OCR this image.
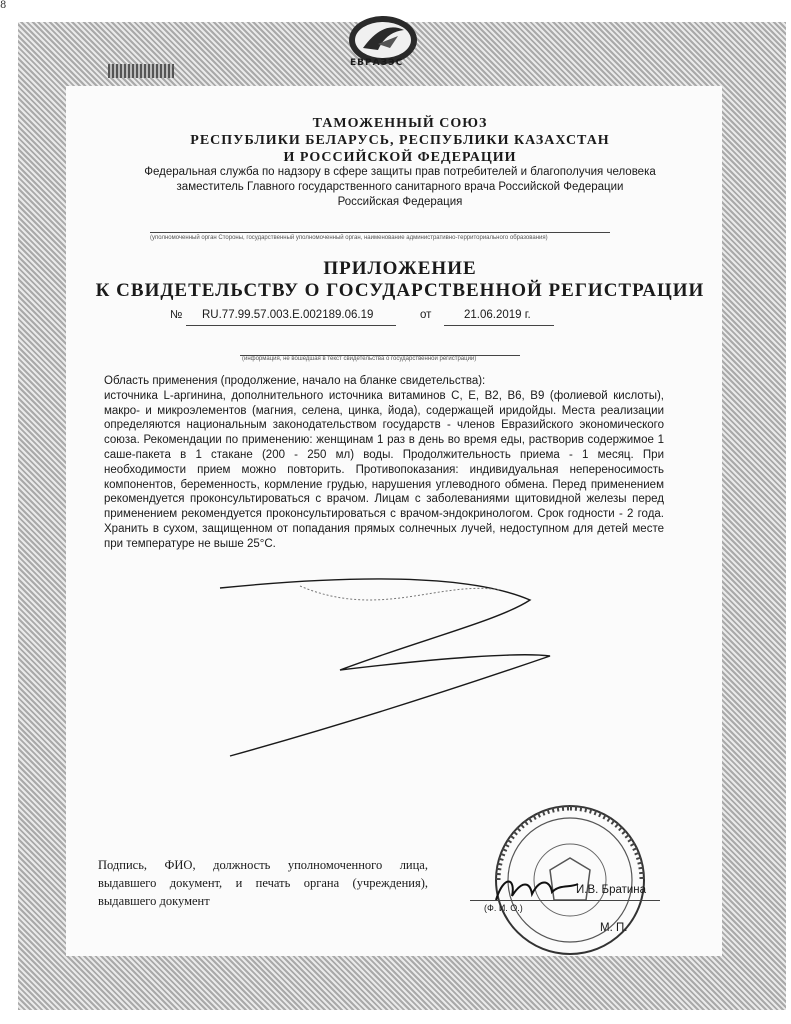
8
ЕВРАЗЭС
ТАМОЖЕННЫЙ СОЮЗ
РЕСПУБЛИКИ БЕЛАРУСЬ, РЕСПУБЛИКИ КАЗАХСТАН
И РОССИЙСКОЙ ФЕДЕРАЦИИ
Федеральная служба по надзору в сфере защиты прав потребителей и благополучия человека
заместитель Главного государственного санитарного врача Российской Федерации
Российская Федерация
(уполномоченный орган Стороны, государственный уполномоченный орган, наименование административно-территориального образования)
ПРИЛОЖЕНИЕ
К СВИДЕТЕЛЬСТВУ О ГОСУДАРСТВЕННОЙ РЕГИСТРАЦИИ
№ RU.77.99.57.003.E.002189.06.19	от	21.06.2019 г.
(информация, не вошедшая в текст свидетельства о государственной регистрации)
Область применения (продолжение, начало на бланке свидетельства):
источника L-аргинина, дополнительного источника витаминов С, Е, В2, В6, В9 (фолиевой кислоты), макро- и микроэлементов (магния, селена, цинка, йода), содержащей иридойды. Места реализации определяются национальным законодательством государств - членов Евразийского экономического союза. Рекомендации по применению: женщинам 1 раз в день во время еды, растворив содержимое 1 саше-пакета в 1 стакане (200 - 250 мл) воды. Продолжительность приема - 1 месяц. При необходимости прием можно повторить. Противопоказания: индивидуальная непереносимость компонентов, беременность, кормление грудью, нарушения углеводного обмена. Перед применением рекомендуется проконсультироваться с врачом. Лицам с заболеваниями щитовидной железы перед применением рекомендуется проконсультироваться с врачом-эндокринологом. Срок годности - 2 года. Хранить в сухом, защищенном от попадания прямых солнечных лучей, недоступном для детей месте при температуре не выше 25°С.
Подпись, ФИО, должность уполномоченного лица, выдавшего документ, и печать органа (учреждения), выдавшего документ
И.В. Братина
(Ф. И. О.)
М. П.
